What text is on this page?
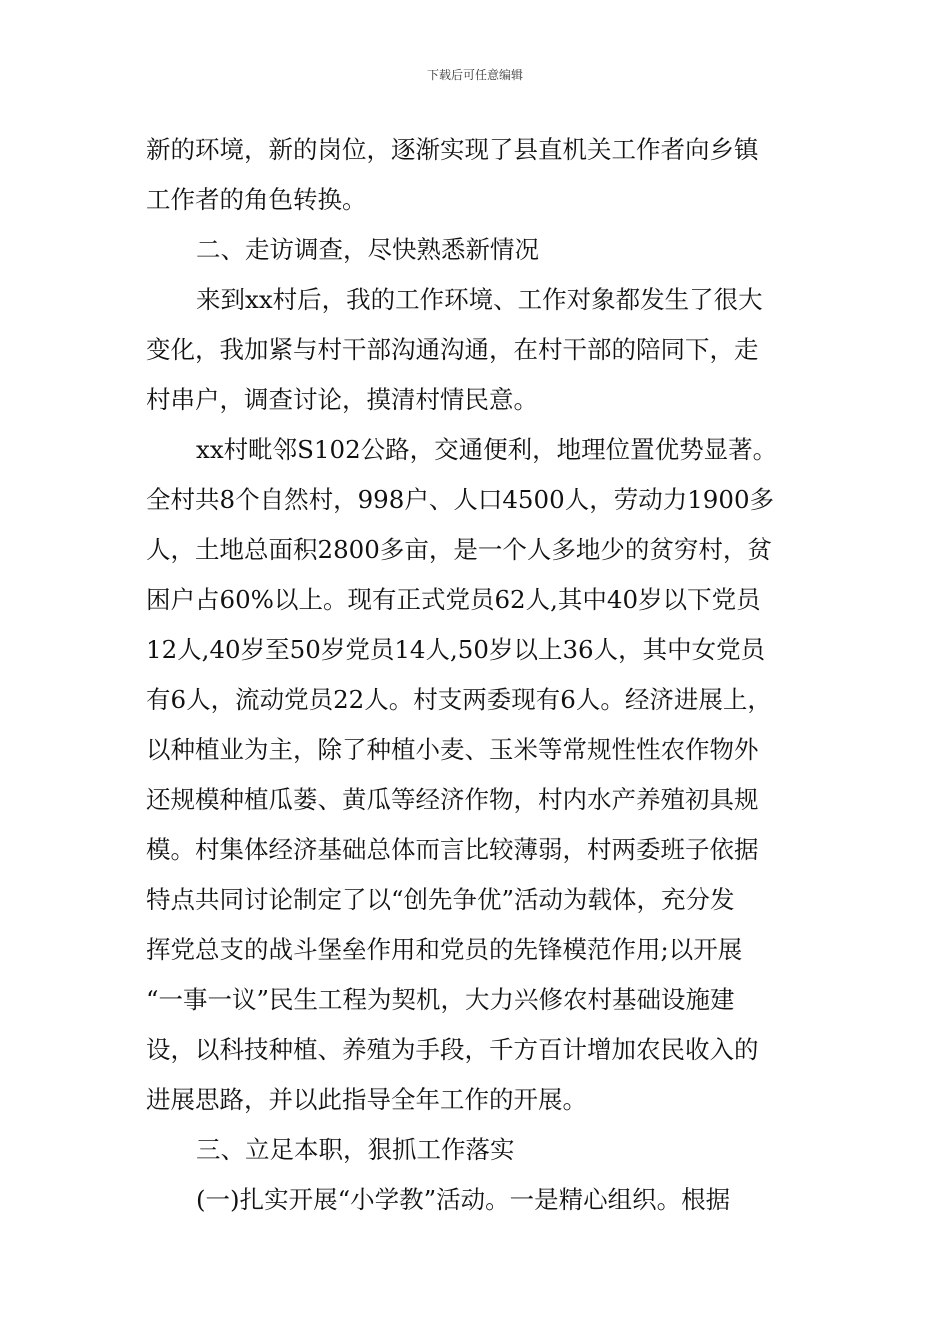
下载后可任意编辑
新的环境，新的岗位，逐渐实现了县直机关工作者向乡镇
工作者的角色转换。
二、走访调查，尽快熟悉新情况
来到xx村后，我的工作环境、工作对象都发生了很大
变化，我加紧与村干部沟通沟通，在村干部的陪同下，走
村串户，调查讨论，摸清村情民意。
xx村毗邻S102公路，交通便利，地理位置优势显著。
全村共8个自然村，998户、人口4500人，劳动力1900多
人，土地总面积2800多亩，是一个人多地少的贫穷村，贫
困户占60%以上。现有正式党员62人,其中40岁以下党员
12人,40岁至50岁党员14人,50岁以上36人，其中女党员
有6人，流动党员22人。村支两委现有6人。经济进展上，
以种植业为主，除了种植小麦、玉米等常规性性农作物外
还规模种植瓜蒌、黄瓜等经济作物，村内水产养殖初具规
模。村集体经济基础总体而言比较薄弱，村两委班子依据
特点共同讨论制定了以“创先争优”活动为载体，充分发
挥党总支的战斗堡垒作用和党员的先锋模范作用;以开展
“一事一议”民生工程为契机，大力兴修农村基础设施建
设，以科技种植、养殖为手段，千方百计增加农民收入的
进展思路，并以此指导全年工作的开展。
三、立足本职，狠抓工作落实
(一)扎实开展“小学教”活动。一是精心组织。根据
